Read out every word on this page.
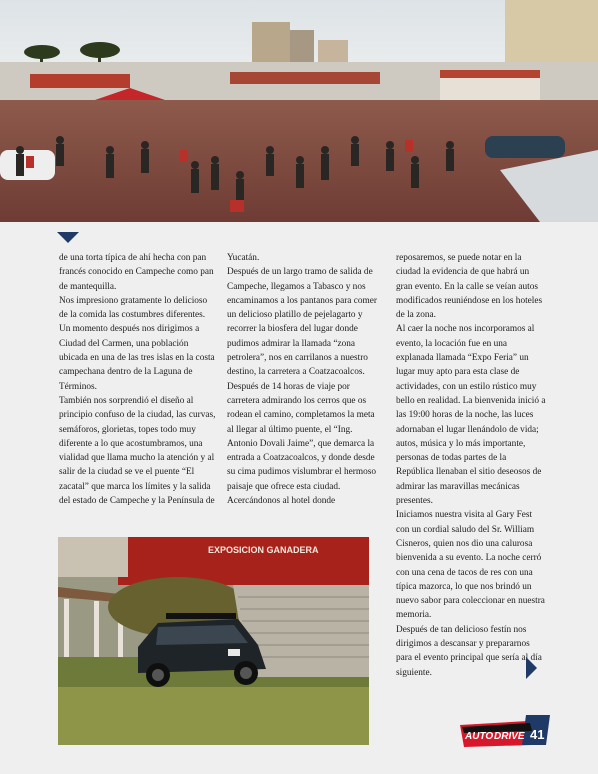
de una torta típica de ahí hecha con pan francés conocido en Campeche como pan de mantequilla.

Nos impresiono gratamente lo delicioso de la comida las costumbres diferentes. Un momento después nos dirigimos a Ciudad del Carmen, una población ubicada en una de las tres islas en la costa campechana dentro de la Laguna de Términos.

También nos sorprendió el diseño al principio confuso de la ciudad, las curvas, semáforos, glorietas, topes todo muy diferente a lo que acostumbramos, una vialidad que llama mucho la atención y al salir de la ciudad se ve el puente “El zacatal” que marca los límites y la salida del estado de Campeche y la Península de

Yucatán.

Después de un largo tramo de salida de Campeche, llegamos a Tabasco y nos encaminamos a los pantanos para comer un delicioso platillo de pejelagarto y recorrer la biosfera del lugar donde pudimos admirar la llamada “zona petrolera”, nos en carrilanos a nuestro destino, la carretera a Coatzacoalcos.

Después de 14 horas de viaje por carretera admirando los cerros que os rodean el camino, completamos la meta al llegar al último puente, el “Ing. Antonio Dovali Jaime”, que demarca la entrada a Coatzacoalcos, y donde desde su cima pudimos vislumbrar el hermoso paisaje que ofrece esta ciudad. Acercándonos al hotel donde

reposaremos, se puede notar en la ciudad la evidencia de que habrá un gran evento. En la calle se veían autos modificados reuniéndose en los hoteles de la zona.

Al caer la noche nos incorporamos al evento, la locación fue en una explanada llamada “Expo Feria” un lugar muy apto para esta clase de actividades, con un estilo rústico muy bello en realidad. La bienvenida inició a las 19:00 horas de la noche, las luces adornaban el lugar llenándolo de vida; autos, música y lo más importante, personas de todas partes de la República llenaban el sitio deseosos de admirar las maravillas mecánicas presentes.

Iniciamos nuestra visita al Gary Fest con un cordial saludo del Sr. William Cisneros, quien nos dio una calurosa bienvenida a su evento. La noche cerró con una cena de tacos de res con una típica mazorca, lo que nos brindó un nuevo sabor para coleccionar en nuestra memoria.

Después de tan delicioso festín nos dirigimos a descansar y prepararnos para el evento principal que sería al día siguiente.

EXPOSICION GANADERA
AUTO DRIVE 41
